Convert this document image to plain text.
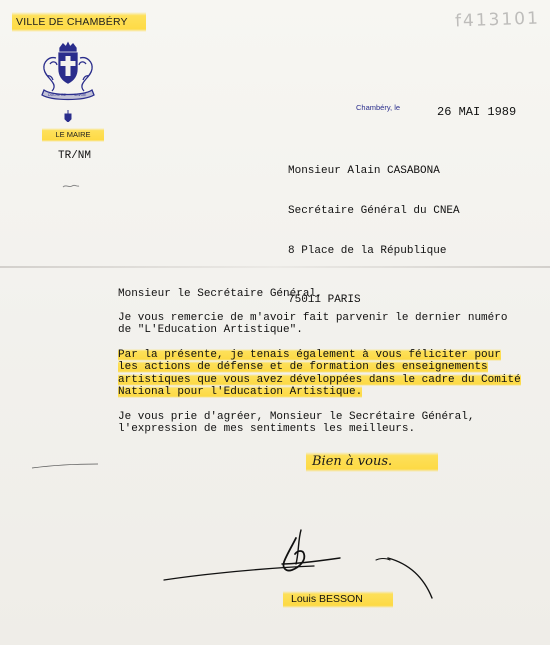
VILLE DE CHAMBÉRY	f413101
DUCHE DE SAVOIE
LE MAIRE
TR/NM
Chambéry, le	26 MAI 1989

Monsieur Alain CASABONA

Secrétaire Général du CNEA

8 Place de la République

75011 PARIS

Monsieur le Secrétaire Général,

Je vous remercie de m'avoir fait parvenir le dernier numéro
de "L'Education Artistique".
Par la présente, je tenais également à vous féliciter pour
les actions de défense et de formation des enseignements
artistiques que vous avez développées dans le cadre du Comité
National pour l'Education Artistique.
Je vous prie d'agréer, Monsieur le Secrétaire Général,
l'expression de mes sentiments les meilleurs.
Bien à vous.
Louis BESSON
